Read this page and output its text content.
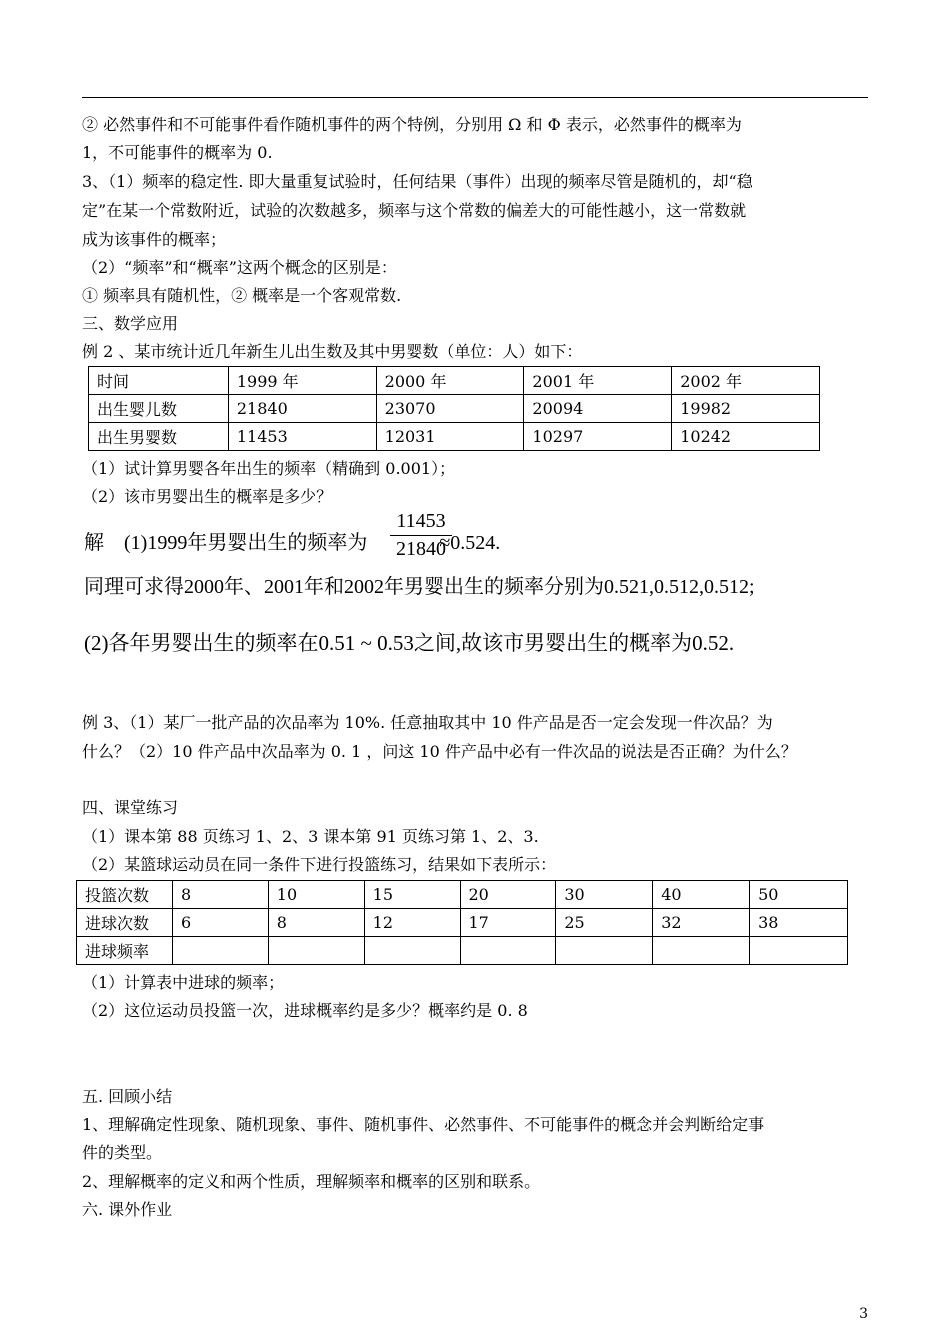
② 必然事件和不可能事件看作随机事件的两个特例，分别用 Ω 和 Φ 表示，必然事件的概率为
1，不可能事件的概率为 0.
3、（1）频率的稳定性. 即大量重复试验时，任何结果（事件）出现的频率尽管是随机的，却“稳
定”在某一个常数附近，试验的次数越多，频率与这个常数的偏差大的可能性越小，这一常数就
成为该事件的概率；
（2）“频率”和“概率”这两个概念的区别是：
① 频率具有随机性，② 概率是一个客观常数.
三、数学应用
例 2 、某市统计近几年新生儿出生数及其中男婴数（单位：人）如下：
时间	1999 年	2000 年	2001 年	2002 年
出生婴儿数	21840	23070	20094	19982
出生男婴数	11453	12031	10297	10242
（1）试计算男婴各年出生的频率（精确到 0.001）；
（2）该市男婴出生的概率是多少？
解　(1)1999年男婴出生的频率为	≈0.524.
11453
21840
同理可求得2000年、2001年和2002年男婴出生的频率分别为0.521,0.512,0.512;
(2)各年男婴出生的频率在0.51 ~ 0.53之间,故该市男婴出生的概率为0.52.
例 3、（1）某厂一批产品的次品率为 10%. 任意抽取其中 10 件产品是否一定会发现一件次品？为
什么？（2）10 件产品中次品率为 0. 1 ，问这 10 件产品中必有一件次品的说法是否正确？为什么？
四、课堂练习
（1）课本第 88 页练习 1、2、3 课本第 91 页练习第 1、2、3.
（2）某篮球运动员在同一条件下进行投篮练习，结果如下表所示：
投篮次数	8	10	15	20	30	40	50
进球次数	6	8	12	17	25	32	38
进球频率							
（1）计算表中进球的频率；
（2）这位运动员投篮一次，进球概率约是多少？概率约是 0. 8
五. 回顾小结
1、理解确定性现象、随机现象、事件、随机事件、必然事件、不可能事件的概念并会判断给定事
件的类型。
2、理解概率的定义和两个性质，理解频率和概率的区别和联系。
六. 课外作业
3
